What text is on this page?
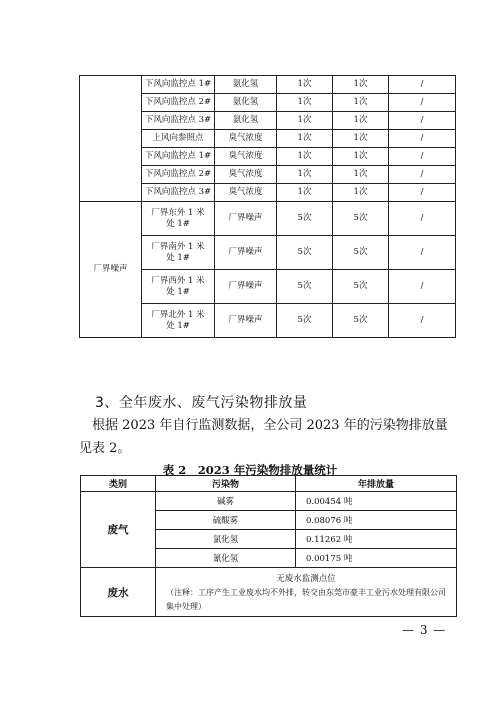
	下风向监控点 1#	氨化氢	1次	1次	/
	下风向监控点 2#	氨化氢	1次	1次	/
	下风向监控点 3#	氨化氢	1次	1次	/
	上风向参照点	臭气浓度	1次	1次	/
	下风向监控点 1#	臭气浓度	1次	1次	/
	下风向监控点 2#	臭气浓度	1次	1次	/
	下风向监控点 3#	臭气浓度	1次	1次	/
厂界噪声	厂界东外 1 米处 1#	厂界噪声	5次	5次	/

	厂界南外 1 米处 1#	厂界噪声	5次	5次	/

	厂界西外 1 米处 1#	厂界噪声	5次	5次	/

	厂界北外 1 米处 1#	厂界噪声	5次	5次	/
3、全年废水、废气污染物排放量
根据 2023 年自行监测数据，全公司 2023 年的污染物排放量见表 2。
表 2　2023 年污染物排放量统计
类别	污染物	年排放量
废气	碱雾	0.00454 吨
	硫酸雾	0.08076 吨
	氯化氢	0.11262 吨
	氰化氢	0.00175 吨
废水	无废水监测点位
（注释：工序产生工业废水均不外排，转交由东莞市豪丰工业污水处理有限公司集中处理）	
— 3 —
